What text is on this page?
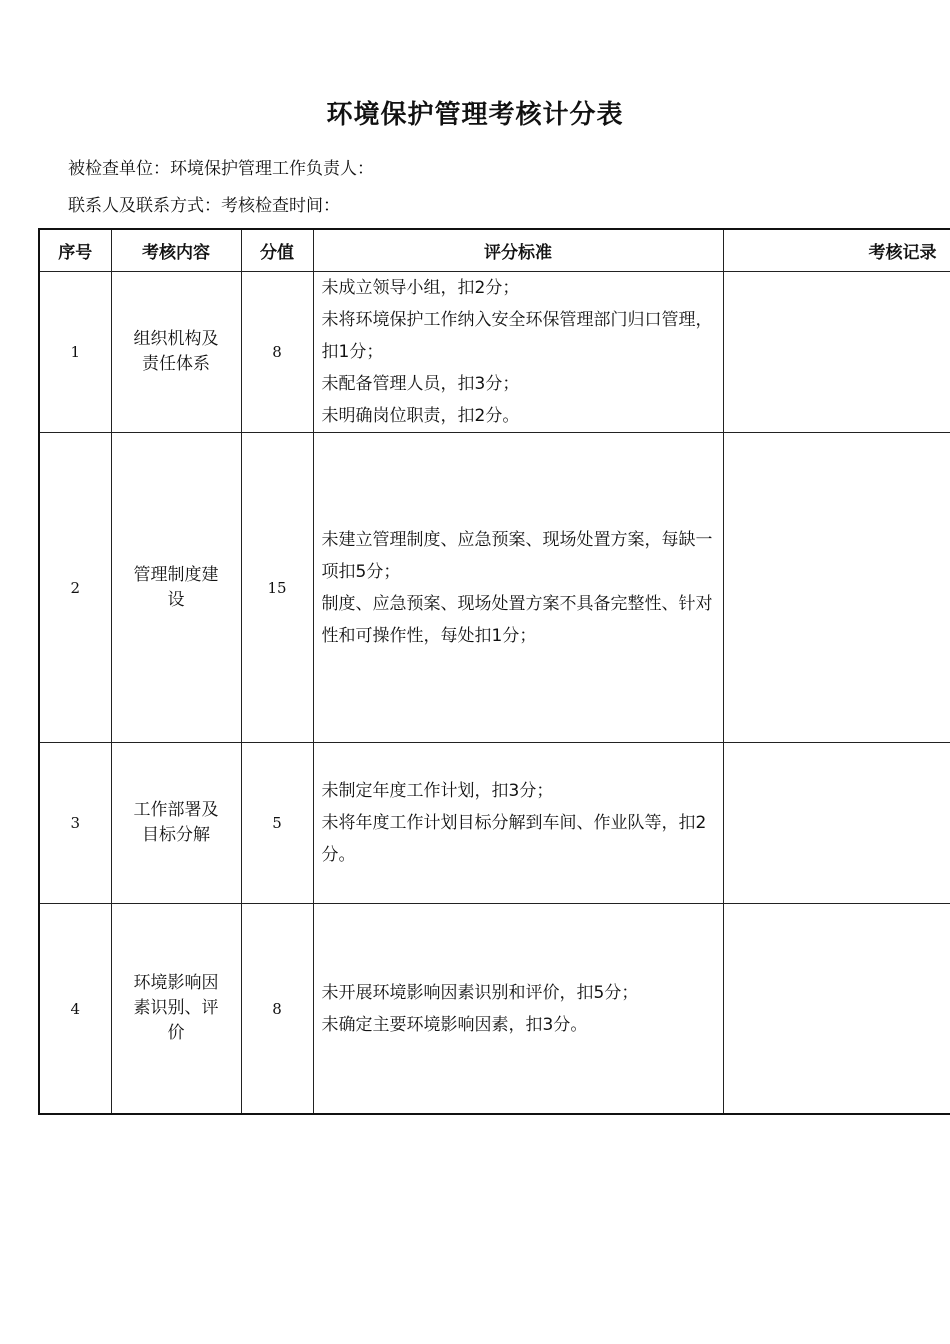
环境保护管理考核计分表
被检查单位：环境保护管理工作负责人：
联系人及联系方式：考核检查时间：
序号	考核内容	分值	评分标准	考核记录
1	组织机构及责任体系	8	未成立领导小组，扣2分；
未将环境保护工作纳入安全环保管理部门归口管理，扣1分；
未配备管理人员，扣3分；
未明确岗位职责，扣2分。	

2	管理制度建设	15	未建立管理制度、应急预案、现场处置方案，每缺一项扣5分；
制度、应急预案、现场处置方案不具备完整性、针对性和可操作性，每处扣1分；	

3	工作部署及目标分解	5	未制定年度工作计划，扣3分；
未将年度工作计划目标分解到车间、作业队等，扣2分。	

4	环境影响因素识别、评价	8	未开展环境影响因素识别和评价，扣5分；
未确定主要环境影响因素，扣3分。	
